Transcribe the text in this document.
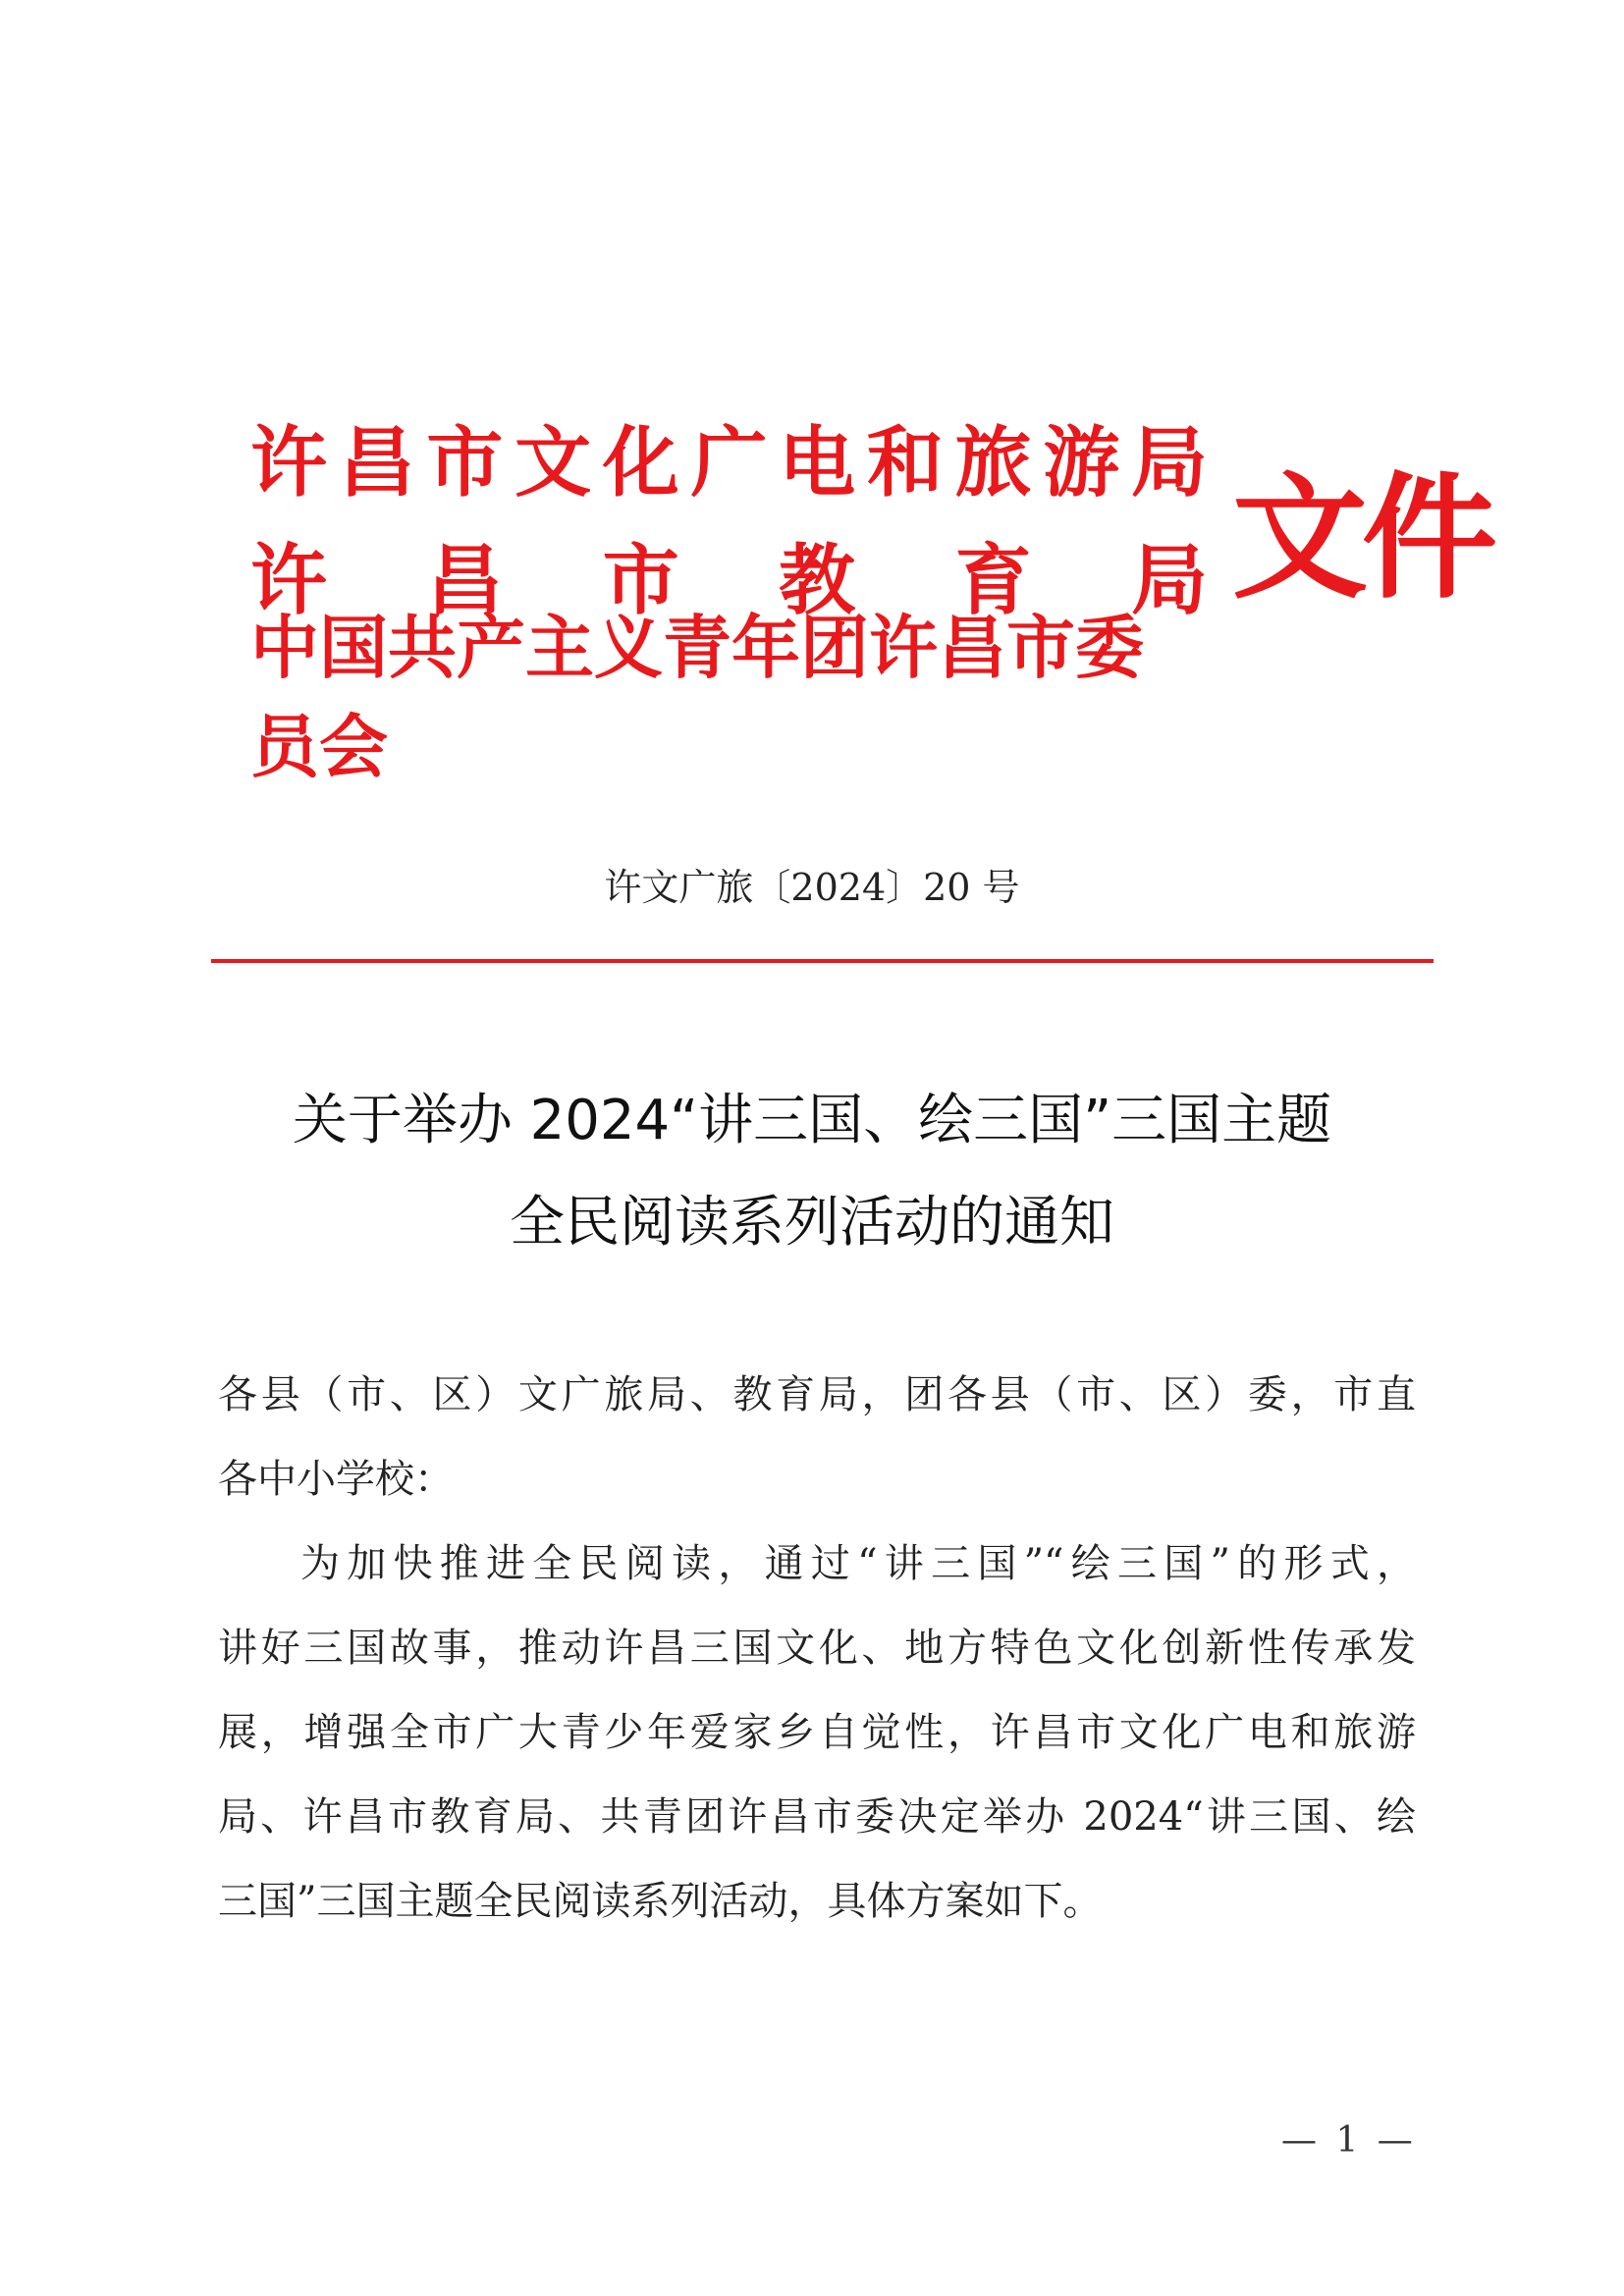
许 昌 市 文 化 广 电 和 旅 游 局
许 昌 市 教 育 局
中国共产主义青年团许昌市委员会
文件
许文广旅〔2024〕20 号
关于举办 2024“讲三国、绘三国”三国主题
全民阅读系列活动的通知

各县（市、区）文广旅局、教育局，团各县（市、区）委，市直
各中小学校：

为加快推进全民阅读，通过“讲三国”“绘三国”的形式，
讲好三国故事，推动许昌三国文化、地方特色文化创新性传承发
展，增强全市广大青少年爱家乡自觉性，许昌市文化广电和旅游
局、许昌市教育局、共青团许昌市委决定举办 2024“讲三国、绘
三国”三国主题全民阅读系列活动，具体方案如下。

— 1 —
